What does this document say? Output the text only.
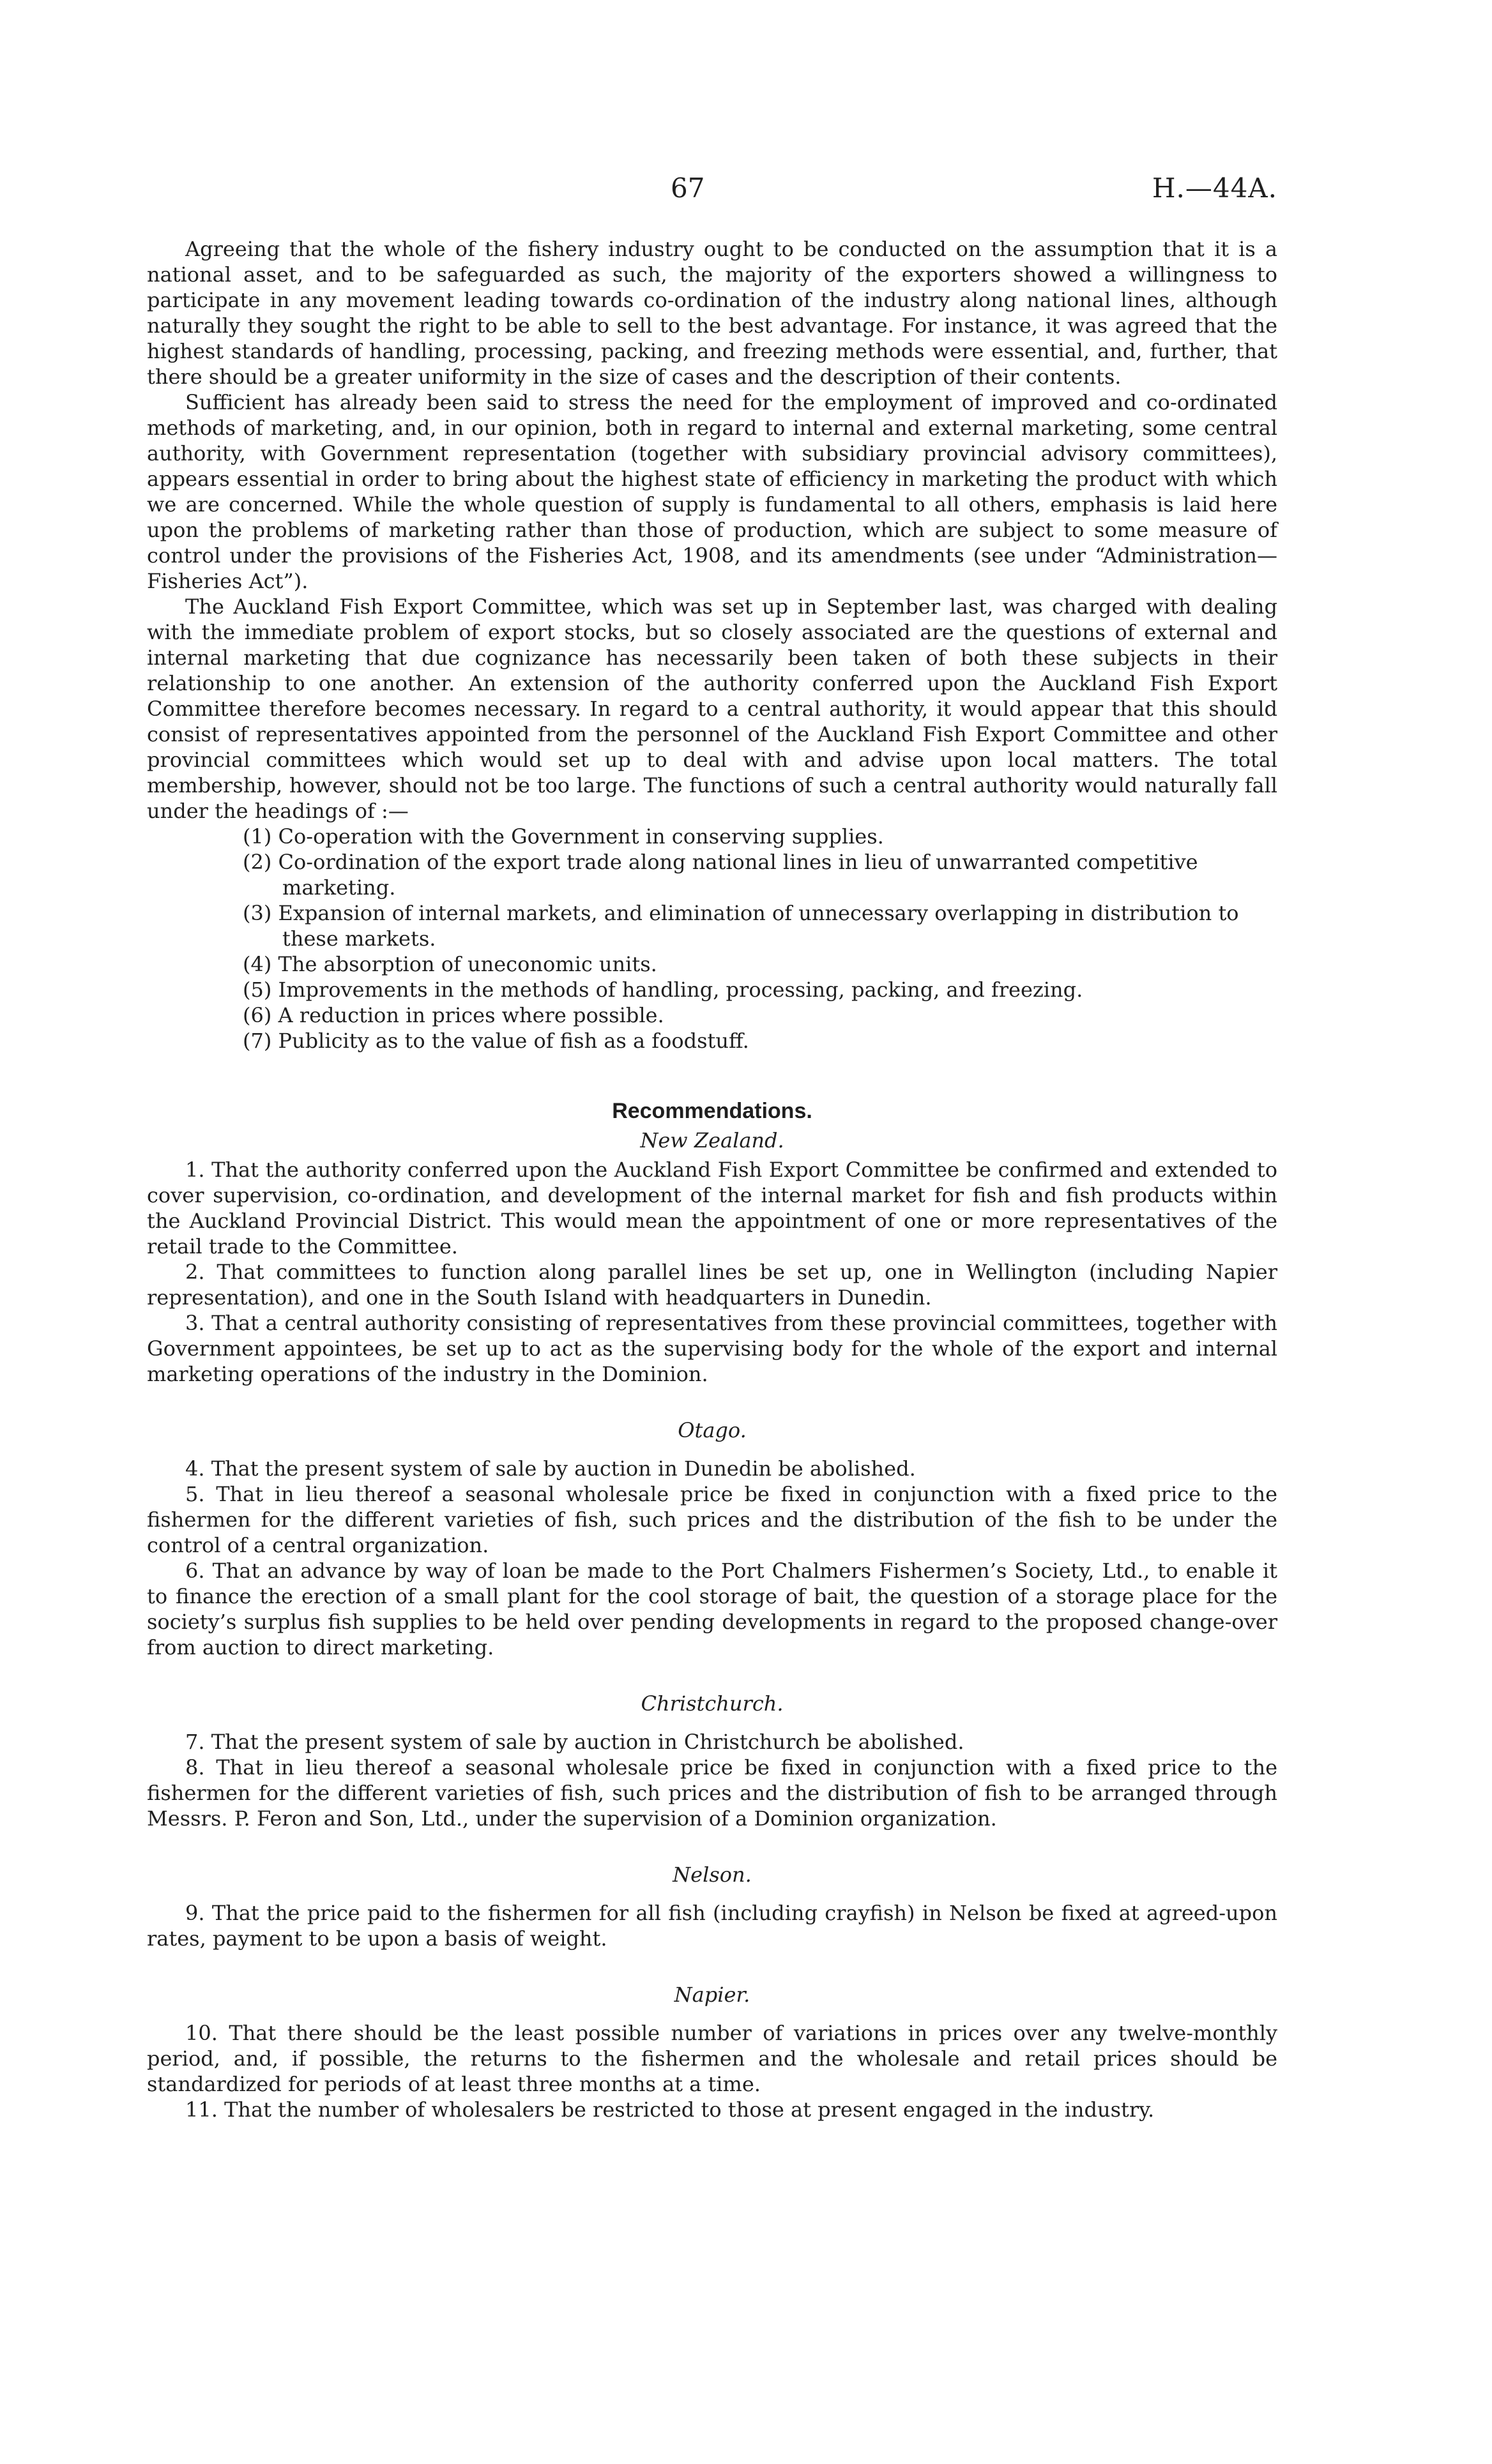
67	H.—44A.

Agreeing that the whole of the fishery industry ought to be conducted on the assumption that it is a national asset, and to be safeguarded as such, the majority of the exporters showed a willingness to participate in any movement leading towards co-ordination of the industry along national lines, although naturally they sought the right to be able to sell to the best advantage. For instance, it was agreed that the highest standards of handling, processing, packing, and freezing methods were essential, and, further, that there should be a greater uniformity in the size of cases and the description of their contents.

Sufficient has already been said to stress the need for the employment of improved and co-ordinated methods of marketing, and, in our opinion, both in regard to internal and external marketing, some central authority, with Government representation (together with subsidiary provincial advisory committees), appears essential in order to bring about the highest state of efficiency in marketing the product with which we are concerned. While the whole question of supply is fundamental to all others, emphasis is laid here upon the problems of marketing rather than those of production, which are subject to some measure of control under the provisions of the Fisheries Act, 1908, and its amendments (see under “Administration—Fisheries Act”).

The Auckland Fish Export Committee, which was set up in September last, was charged with dealing with the immediate problem of export stocks, but so closely associated are the questions of external and internal marketing that due cognizance has necessarily been taken of both these subjects in their relationship to one another. An extension of the authority conferred upon the Auckland Fish Export Committee therefore becomes necessary. In regard to a central authority, it would appear that this should consist of representatives appointed from the personnel of the Auckland Fish Export Committee and other provincial committees which would set up to deal with and advise upon local matters. The total membership, however, should not be too large. The functions of such a central authority would naturally fall under the headings of :—

(1) Co-operation with the Government in conserving supplies.
(2) Co-ordination of the export trade along national lines in lieu of unwarranted competitive marketing.
(3) Expansion of internal markets, and elimination of unnecessary overlapping in distribution to these markets.
(4) The absorption of uneconomic units.
(5) Improvements in the methods of handling, processing, packing, and freezing.
(6) A reduction in prices where possible.
(7) Publicity as to the value of fish as a foodstuff.
Recommendations.
New Zealand.

1. That the authority conferred upon the Auckland Fish Export Committee be confirmed and extended to cover supervision, co-ordination, and development of the internal market for fish and fish products within the Auckland Provincial District. This would mean the appointment of one or more representatives of the retail trade to the Committee.

2. That committees to function along parallel lines be set up, one in Wellington (including Napier representation), and one in the South Island with headquarters in Dunedin.

3. That a central authority consisting of representatives from these provincial committees, together with Government appointees, be set up to act as the supervising body for the whole of the export and internal marketing operations of the industry in the Dominion.

Otago.

4. That the present system of sale by auction in Dunedin be abolished.

5. That in lieu thereof a seasonal wholesale price be fixed in conjunction with a fixed price to the fishermen for the different varieties of fish, such prices and the distribution of the fish to be under the control of a central organization.

6. That an advance by way of loan be made to the Port Chalmers Fishermen’s Society, Ltd., to enable it to finance the erection of a small plant for the cool storage of bait, the question of a storage place for the society’s surplus fish supplies to be held over pending developments in regard to the proposed change-over from auction to direct marketing.

Christchurch.

7. That the present system of sale by auction in Christchurch be abolished.

8. That in lieu thereof a seasonal wholesale price be fixed in conjunction with a fixed price to the fishermen for the different varieties of fish, such prices and the distribution of fish to be arranged through Messrs. P. Feron and Son, Ltd., under the supervision of a Dominion organization.

Nelson.

9. That the price paid to the fishermen for all fish (including crayfish) in Nelson be fixed at agreed-upon rates, payment to be upon a basis of weight.

Napier.

10. That there should be the least possible number of variations in prices over any twelve-monthly period, and, if possible, the returns to the fishermen and the wholesale and retail prices should be standardized for periods of at least three months at a time.

11. That the number of wholesalers be restricted to those at present engaged in the industry.
